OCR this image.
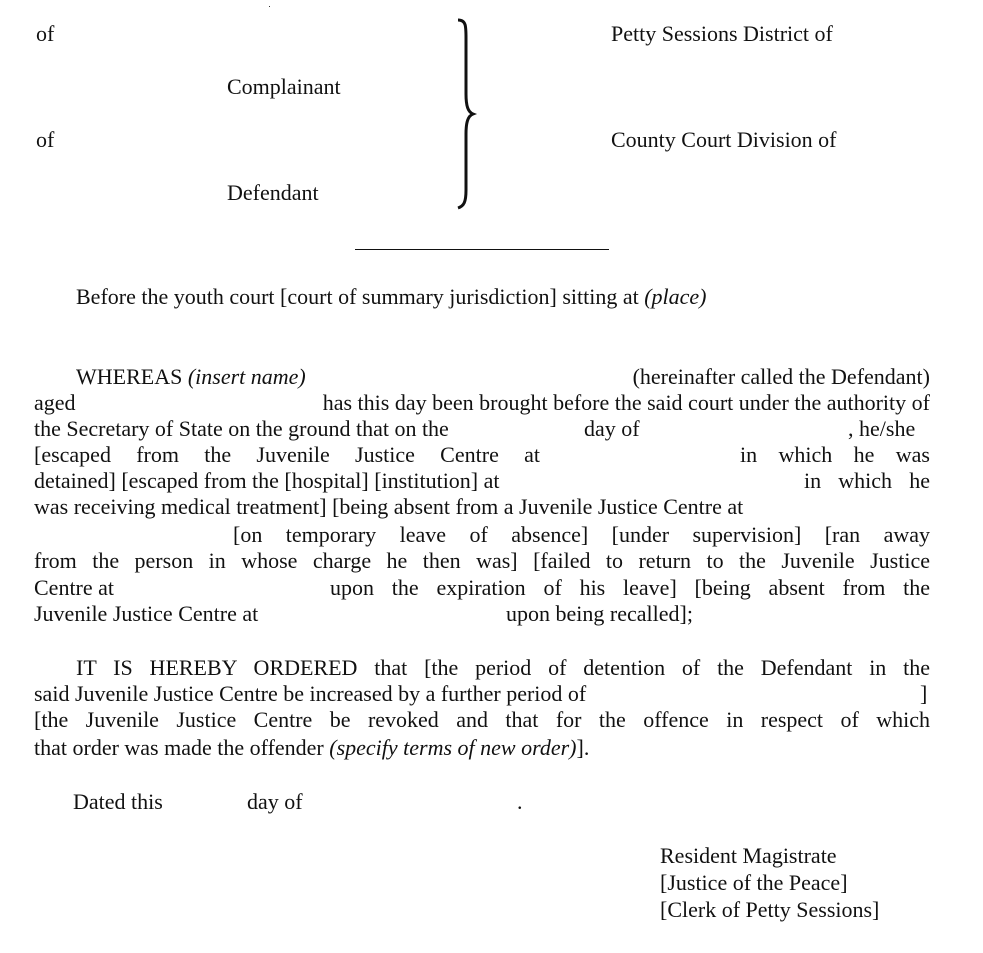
of
Complainant
of
Defendant
Petty Sessions District of
County Court Division of
Before the youth court [court of summary jurisdiction] sitting at (place)
WHEREAS (insert name)	(hereinafter called the Defendant)
aged	has this day been brought before the said court under the authority of
the Secretary of State on the ground that on the	day of	, he/she
[escaped from the Juvenile Justice Centre at	in which he was
detained] [escaped from the [hospital] [institution] at	in which he
was receiving medical treatment] [being absent from a Juvenile Justice Centre at
[on temporary leave of absence] [under supervision] [ran away
from the person in whose charge he then was] [failed to return to the Juvenile Justice
Centre at	upon the expiration of his leave] [being absent from the
Juvenile Justice Centre at	upon being recalled];
IT IS HEREBY ORDERED that [the period of detention of the Defendant in the
said Juvenile Justice Centre be increased by a further period of	]
[the Juvenile Justice Centre be revoked and that for the offence in respect of which
that order was made the offender (specify terms of new order)].
Dated this	day of	.
Resident Magistrate
[Justice of the Peace]
[Clerk of Petty Sessions]
